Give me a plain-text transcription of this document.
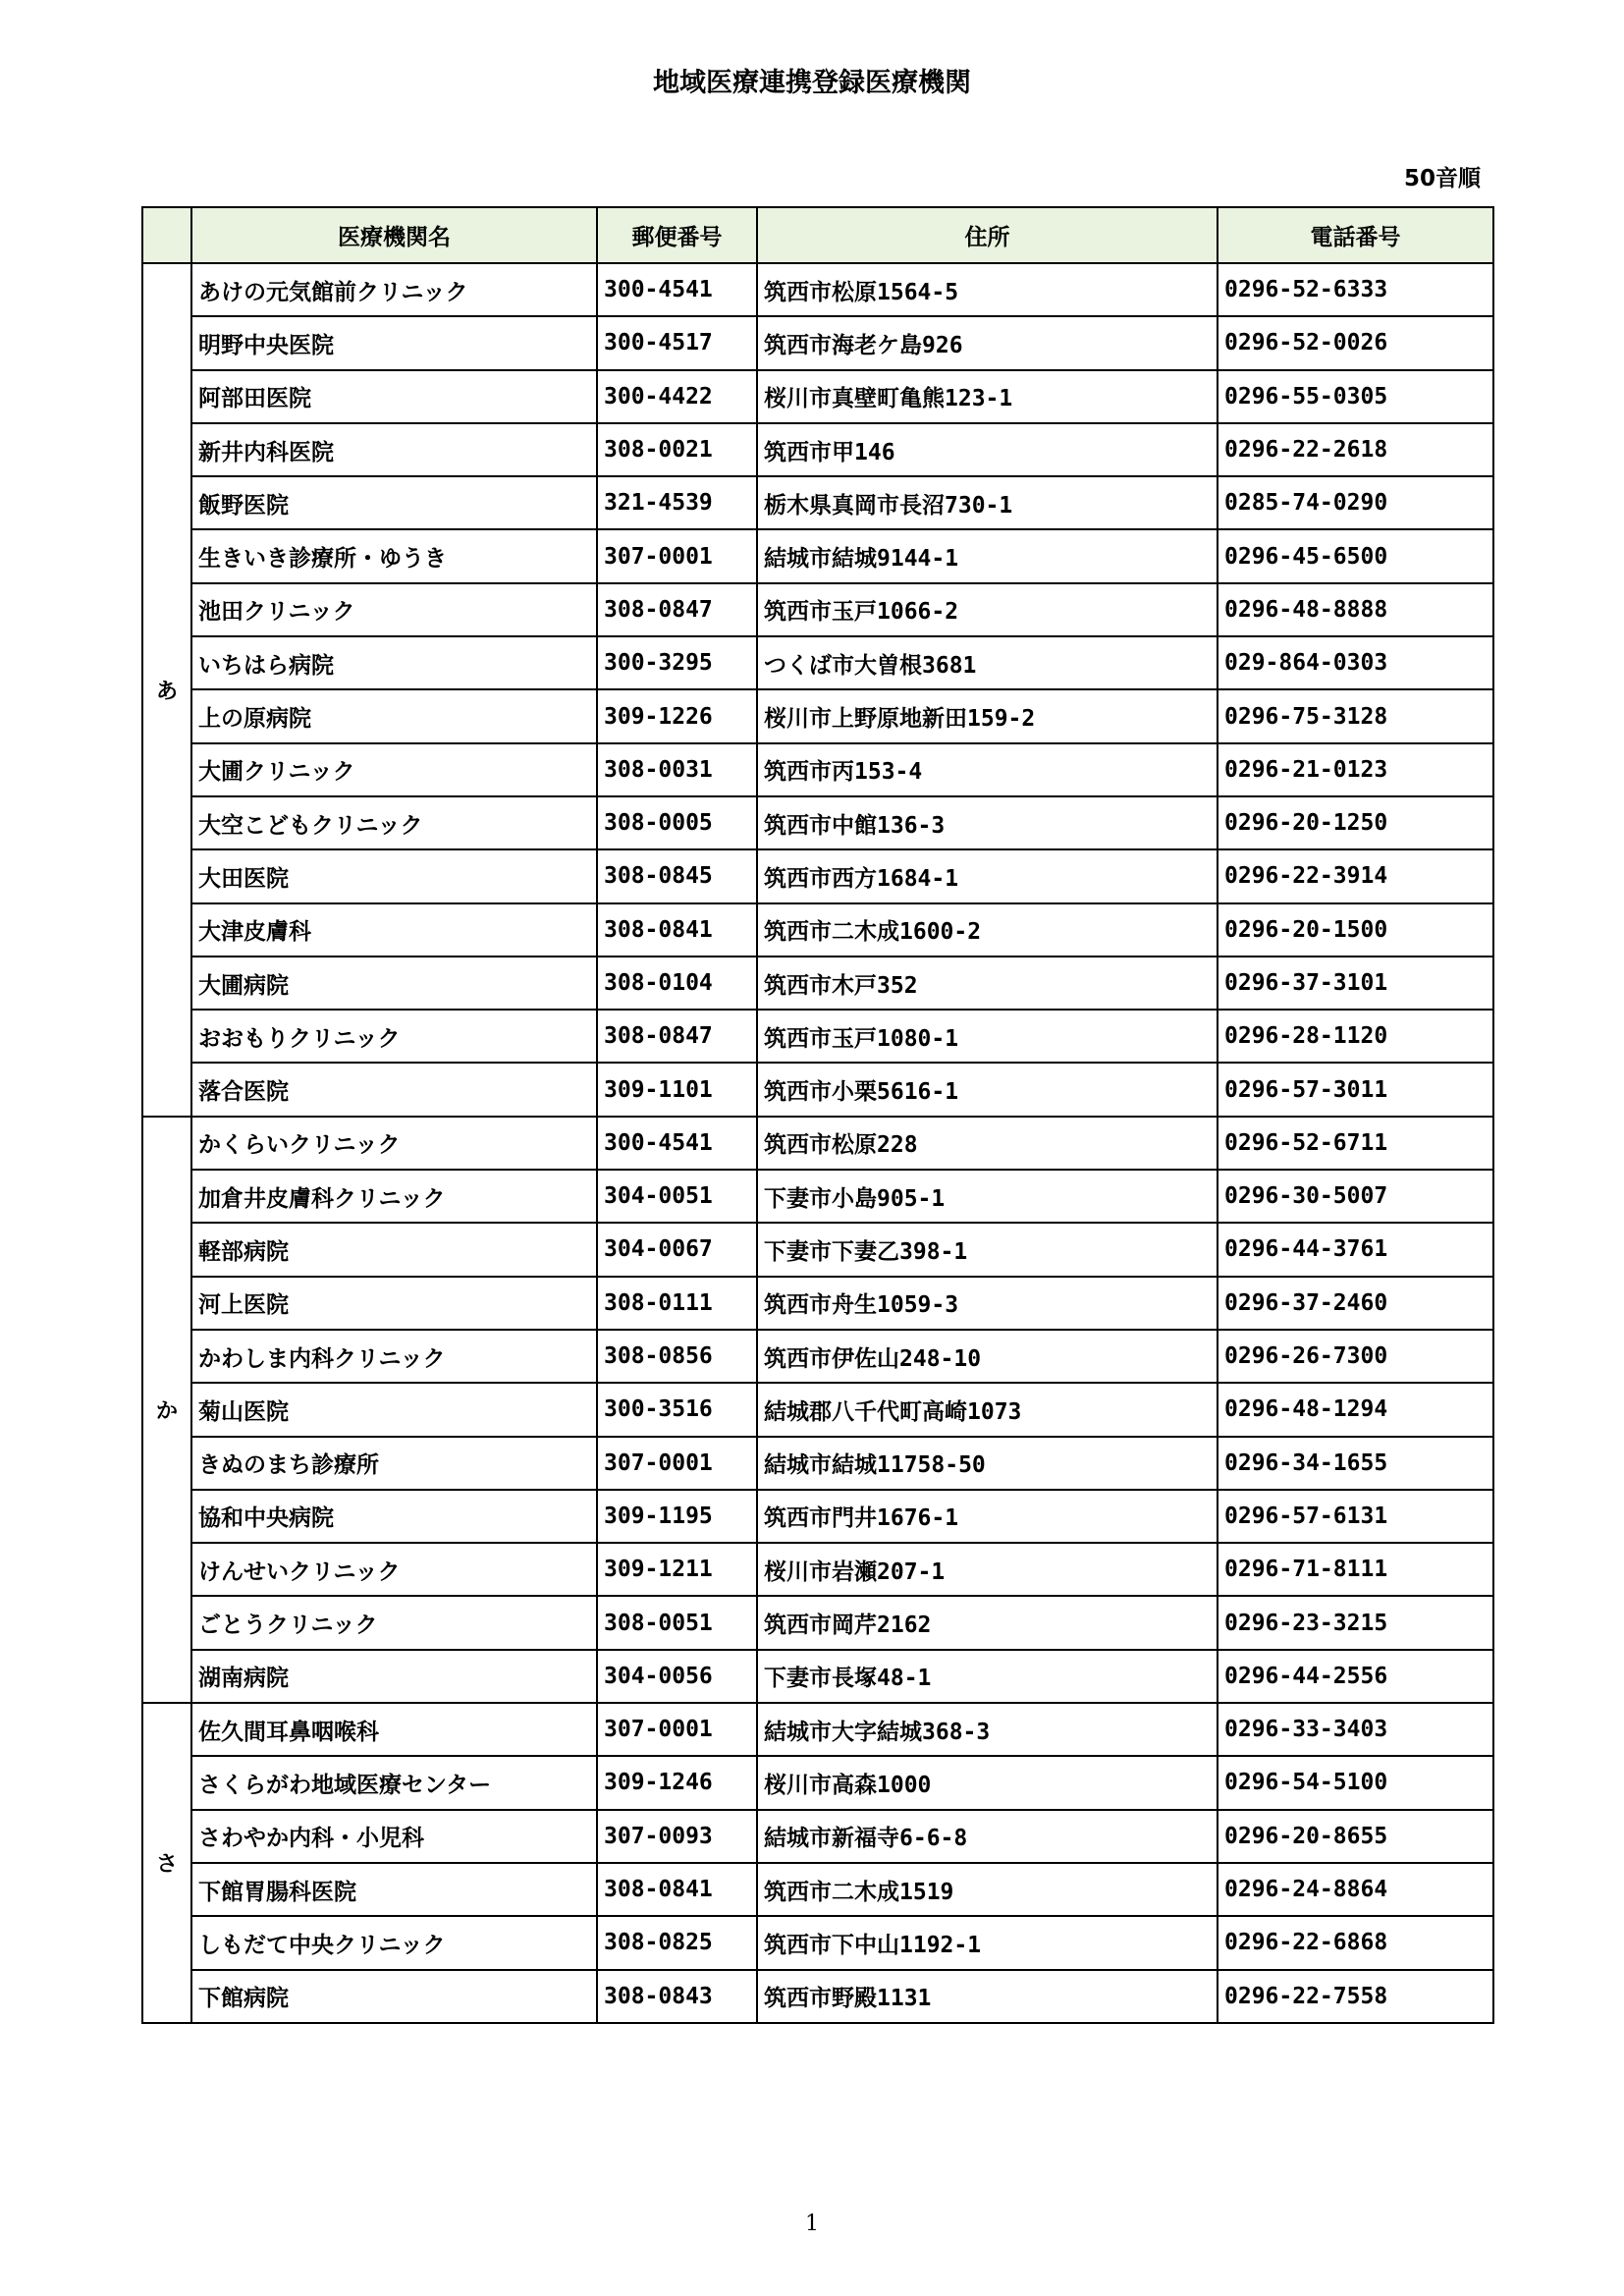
地域医療連携登録医療機関
50音順
	医療機関名	郵便番号	住所	電話番号
あ	あけの元気館前クリニック	300-4541	筑西市松原1564-5	0296-52-6333
	明野中央医院	300-4517	筑西市海老ケ島926	0296-52-0026
	阿部田医院	300-4422	桜川市真壁町亀熊123-1	0296-55-0305
	新井内科医院	308-0021	筑西市甲146	0296-22-2618
	飯野医院	321-4539	栃木県真岡市長沼730-1	0285-74-0290
	生きいき診療所・ゆうき	307-0001	結城市結城9144-1	0296-45-6500
	池田クリニック	308-0847	筑西市玉戸1066-2	0296-48-8888
	いちはら病院	300-3295	つくば市大曽根3681	029-864-0303
	上の原病院	309-1226	桜川市上野原地新田159-2	0296-75-3128
	大圃クリニック	308-0031	筑西市丙153-4	0296-21-0123
	大空こどもクリニック	308-0005	筑西市中館136-3	0296-20-1250
	大田医院	308-0845	筑西市西方1684-1	0296-22-3914
	大津皮膚科	308-0841	筑西市二木成1600-2	0296-20-1500
	大圃病院	308-0104	筑西市木戸352	0296-37-3101
	おおもりクリニック	308-0847	筑西市玉戸1080-1	0296-28-1120
	落合医院	309-1101	筑西市小栗5616-1	0296-57-3011
か	かくらいクリニック	300-4541	筑西市松原228	0296-52-6711
	加倉井皮膚科クリニック	304-0051	下妻市小島905-1	0296-30-5007
	軽部病院	304-0067	下妻市下妻乙398-1	0296-44-3761
	河上医院	308-0111	筑西市舟生1059-3	0296-37-2460
	かわしま内科クリニック	308-0856	筑西市伊佐山248-10	0296-26-7300
	菊山医院	300-3516	結城郡八千代町高崎1073	0296-48-1294
	きぬのまち診療所	307-0001	結城市結城11758-50	0296-34-1655
	協和中央病院	309-1195	筑西市門井1676-1	0296-57-6131
	けんせいクリニック	309-1211	桜川市岩瀬207-1	0296-71-8111
	ごとうクリニック	308-0051	筑西市岡芹2162	0296-23-3215
	湖南病院	304-0056	下妻市長塚48-1	0296-44-2556
さ	佐久間耳鼻咽喉科	307-0001	結城市大字結城368-3	0296-33-3403
	さくらがわ地域医療センター	309-1246	桜川市高森1000	0296-54-5100
	さわやか内科・小児科	307-0093	結城市新福寺6-6-8	0296-20-8655
	下館胃腸科医院	308-0841	筑西市二木成1519	0296-24-8864
	しもだて中央クリニック	308-0825	筑西市下中山1192-1	0296-22-6868
	下館病院	308-0843	筑西市野殿1131	0296-22-7558
1
